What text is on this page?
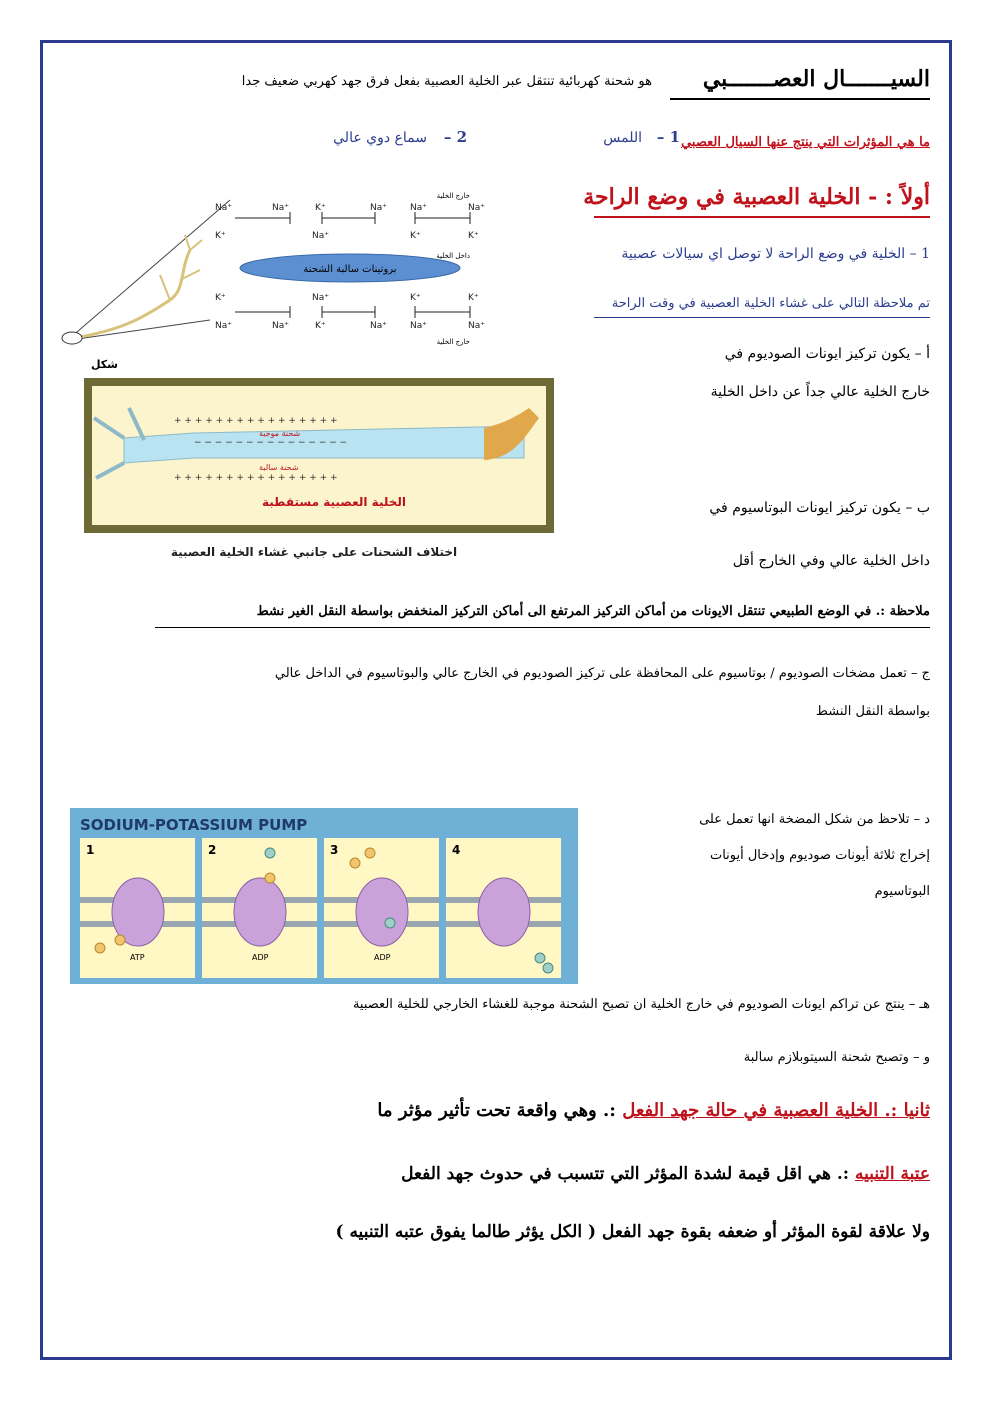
السيـــــــال العصـــــــبي
هو شحنة كهربائية تنتقل عبر الخلية العصبية بفعل فرق جهد كهربي ضعيف جدا
ما هي المؤثرات التي ينتج عنها السيال العصبي
1 –
اللمس
2 –
سماع دوي عالي
أولاً : - الخلية العصبية في وضع الراحة
1 – الخلية في وضع الراحة لا توصل اي سيالات عصبية
تم ملاحظة التالي على غشاء الخلية العصبية في وقت الراحة
أ – يكون تركيز ايونات الصوديوم في
خارج الخلية عالي جداً عن داخل الخلية
ب – يكون تركيز ايونات البوتاسيوم في
داخل الخلية عالي وفي الخارج أقل
ملاحظة :. في الوضع الطبيعي تنتقل الايونات من أماكن التركيز المرتفع الى أماكن التركيز المنخفض بواسطة النقل الغير نشط
ج – تعمل مضخات الصوديوم / بوتاسيوم على المحافظة على تركيز الصوديوم في الخارج عالي والبوتاسيوم في الداخل عالي
بواسطة النقل النشط
د – تلاحظ من شكل المضخة انها تعمل على
إخراج ثلاثة أيونات صوديوم وإدخال أيونات
البوتاسيوم
هـ – ينتج عن تراكم ايونات الصوديوم في خارج الخلية ان تصبح الشحنة موجبة للغشاء الخارجي للخلية العصبية
و – وتصبح شحنة السيتوبلازم سالبة
ثانيا :. الخلية العصبية في حالة جهد الفعل :. وهي واقعة تحت تأثير مؤثر ما
عتبة التنبيه :. هي اقل قيمة لشدة المؤثر التي تتسبب في حدوث جهد الفعل
ولا علاقة لقوة المؤثر أو ضعفه بقوة جهد الفعل ( الكل يؤثر طالما يفوق عتبه التنبيه )
خارج الخلية
داخل الخلية
خارج الخلية
Na⁺	Na⁺	K⁺	Na⁺	Na⁺	Na⁺
K⁺	Na⁺	K⁺	K⁺
بروتينات سالبة الشحنة
K⁺	Na⁺	K⁺	K⁺
Na⁺	Na⁺	K⁺	Na⁺	Na⁺	Na⁺
شكل
+ + + + + + + + + + + + + + + +
− − − − − − − − − − − − − − −
+ + + + + + + + + + + + + + + +
شحنة موجبة
شحنة سالبة
الخلية العصبية مستقطبة
اختلاف الشحنات على جانبي غشاء الخلية العصبية
SODIUM-POTASSIUM PUMP
1	2	3	4
ATP	ADP	ADP
